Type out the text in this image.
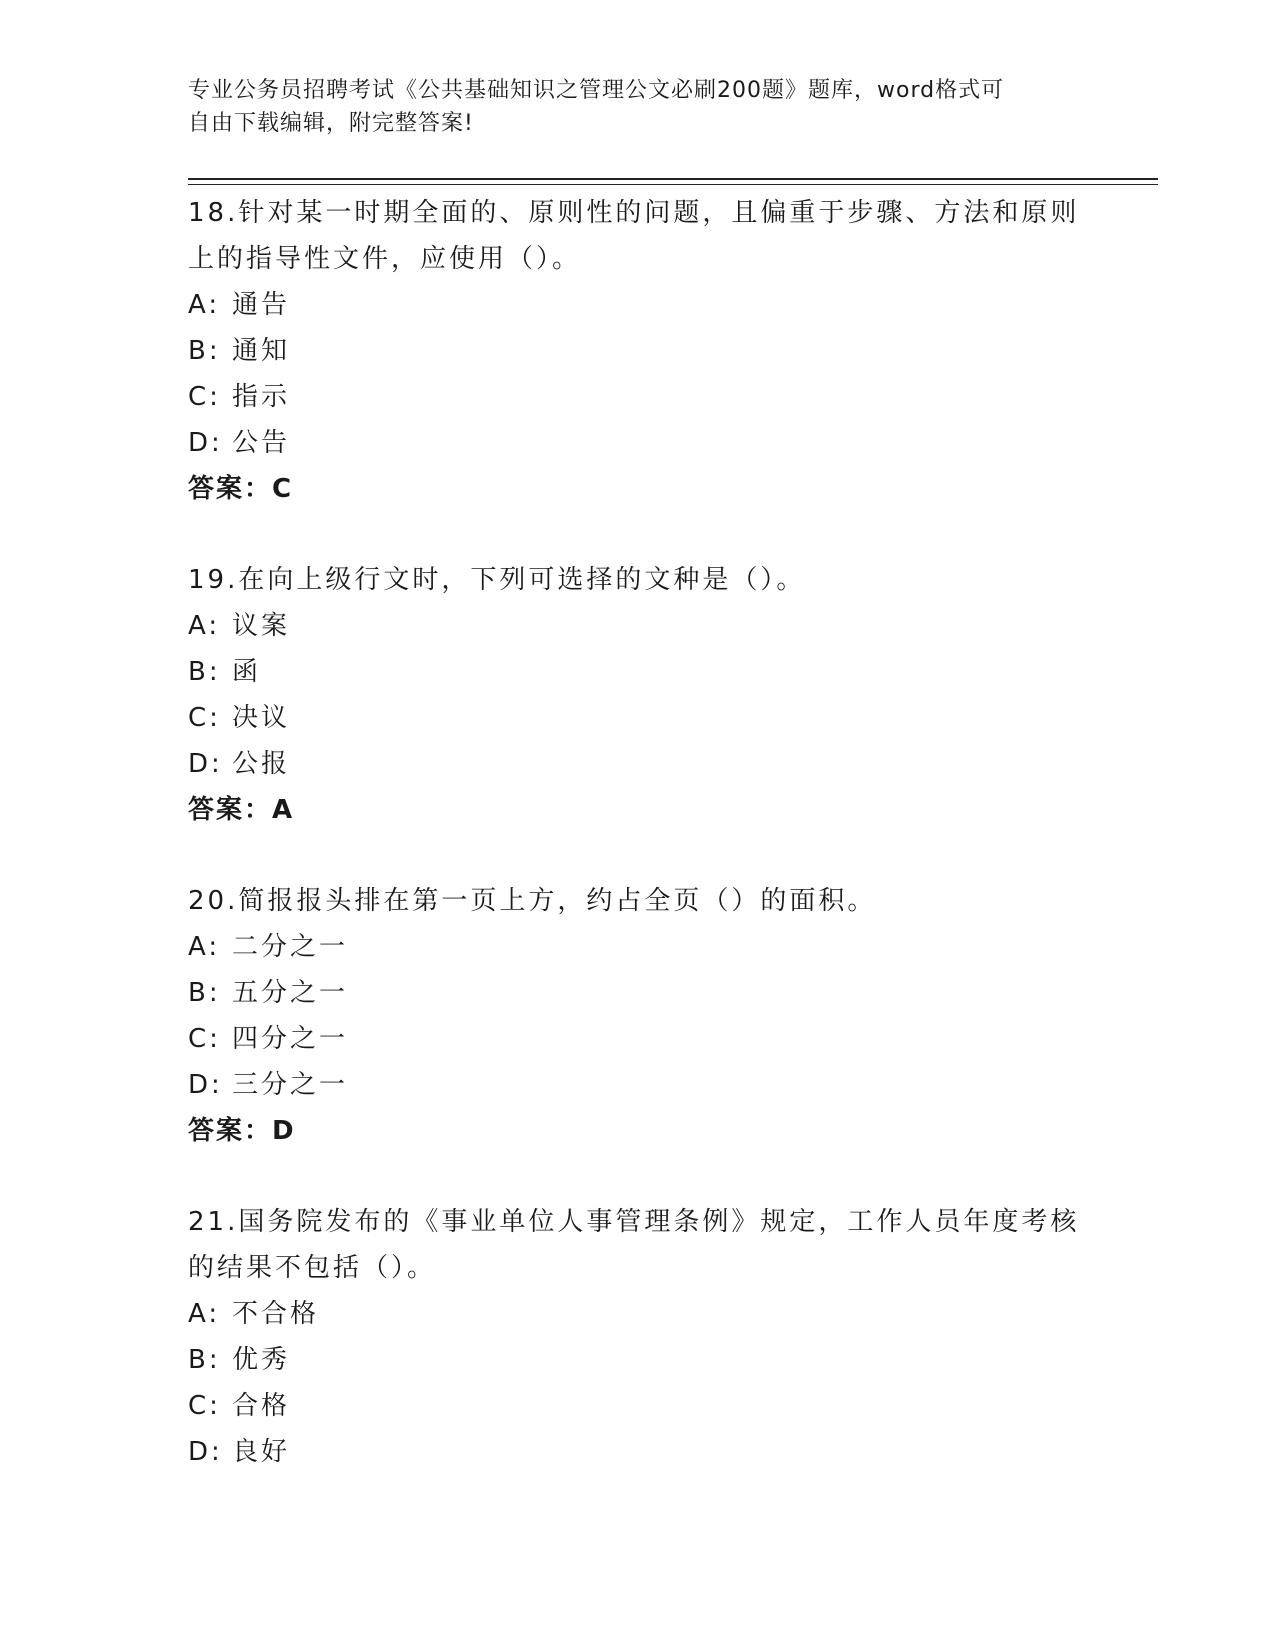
专业公务员招聘考试《公共基础知识之管理公文必刷200题》题库，word格式可
自由下载编辑，附完整答案!
18.针对某一时期全面的、原则性的问题，且偏重于步骤、方法和原则
上的指导性文件，应使用（）。
A: 通告
B: 通知
C: 指示
D: 公告
答案：C
19.在向上级行文时，下列可选择的文种是（）。
A: 议案
B: 函
C: 决议
D: 公报
答案：A
20.简报报头排在第一页上方，约占全页（）的面积。
A: 二分之一
B: 五分之一
C: 四分之一
D: 三分之一
答案：D
21.国务院发布的《事业单位人事管理条例》规定，工作人员年度考核
的结果不包括（）。
A: 不合格
B: 优秀
C: 合格
D: 良好
